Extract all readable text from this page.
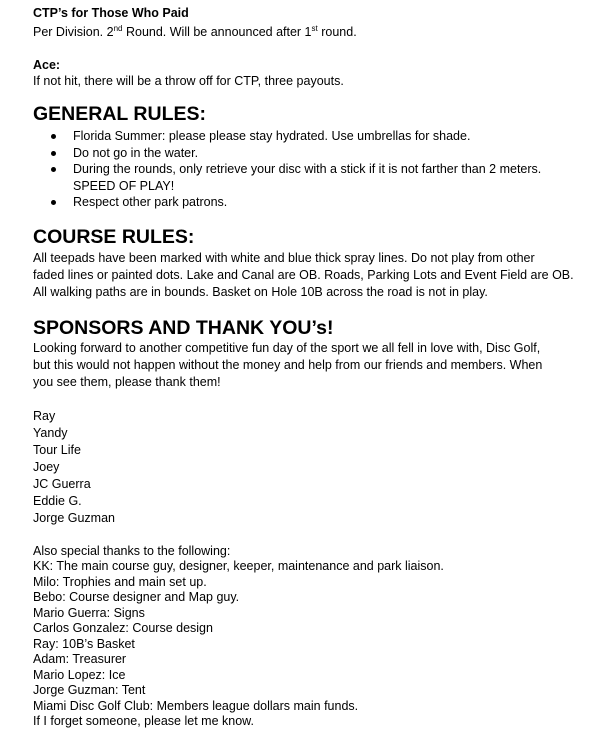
CTP’s for Those Who Paid

Per Division. 2nd Round. Will be announced after 1st round.

Ace:

If not hit, there will be a throw off for CTP, three payouts.

GENERAL RULES:
Florida Summer: please please stay hydrated. Use umbrellas for shade.
Do not go in the water.
During the rounds, only retrieve your disc with a stick if it is not farther than 2 meters.
SPEED OF PLAY!
Respect other park patrons.
COURSE RULES:

All teepads have been marked with white and blue thick spray lines. Do not play from other

faded lines or painted dots. Lake and Canal are OB. Roads, Parking Lots and Event Field are OB.

All walking paths are in bounds. Basket on Hole 10B across the road is not in play.

SPONSORS AND THANK YOU’s!

Looking forward to another competitive fun day of the sport we all fell in love with, Disc Golf,

but this would not happen without the money and help from our friends and members. When

you see them, please thank them!

Ray

Yandy

Tour Life

Joey

JC Guerra

Eddie G.

Jorge Guzman

Also special thanks to the following:

KK: The main course guy, designer, keeper, maintenance and park liaison.

Milo: Trophies and main set up.

Bebo: Course designer and Map guy.

Mario Guerra: Signs

Carlos Gonzalez: Course design

Ray: 10B’s Basket

Adam: Treasurer

Mario Lopez: Ice

Jorge Guzman: Tent

Miami Disc Golf Club: Members league dollars main funds.

If I forget someone, please let me know.
